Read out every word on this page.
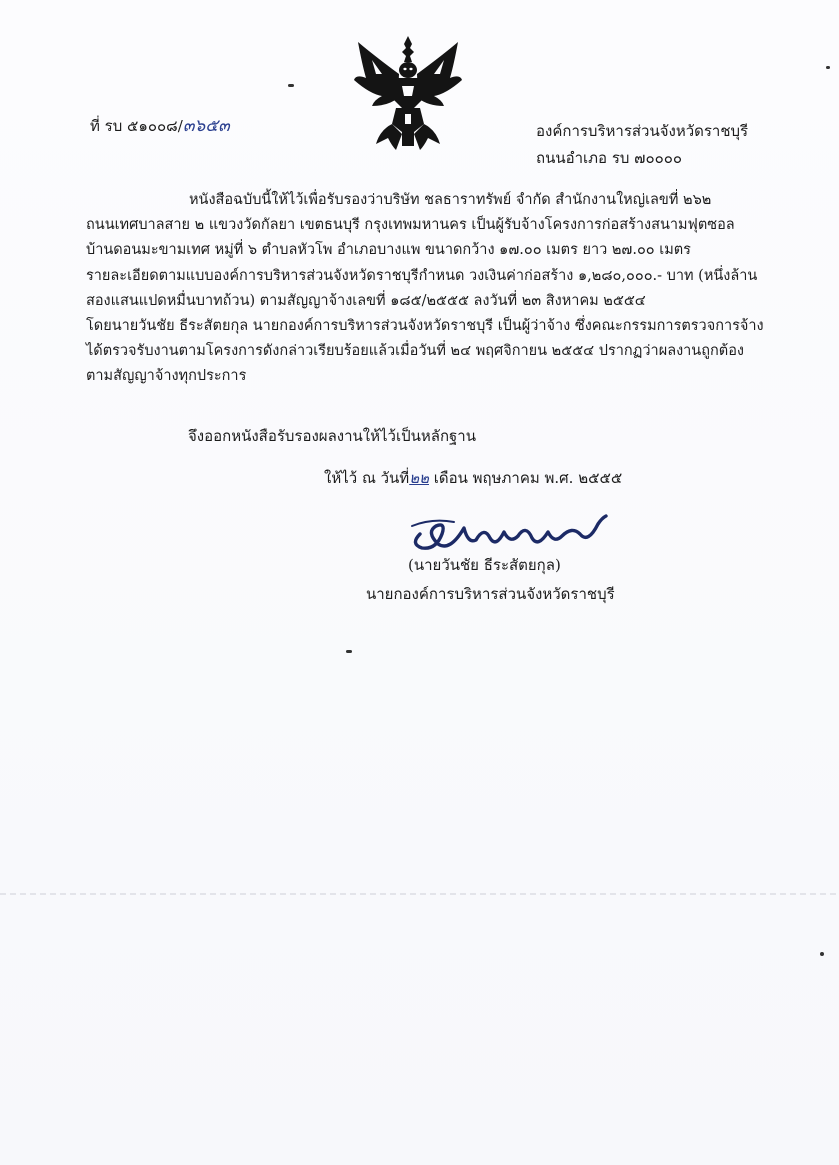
ที่ รบ ๕๑๐๐๘/๓๖๕๓	องค์การบริหารส่วนจังหวัดราชบุรี
ถนนอำเภอ รบ ๗๐๐๐๐

หนังสือฉบับนี้ให้ไว้เพื่อรับรองว่าบริษัท ชลธาราทรัพย์ จำกัด สำนักงานใหญ่เลขที่ ๒๖๒

ถนนเทศบาลสาย ๒ แขวงวัดกัลยา เขตธนบุรี กรุงเทพมหานคร เป็นผู้รับจ้างโครงการก่อสร้างสนามฟุตซอล

บ้านดอนมะขามเทศ หมู่ที่ ๖ ตำบลหัวโพ อำเภอบางแพ ขนาดกว้าง ๑๗.๐๐ เมตร ยาว ๒๗.๐๐ เมตร

รายละเอียดตามแบบองค์การบริหารส่วนจังหวัดราชบุรีกำหนด วงเงินค่าก่อสร้าง ๑,๒๘๐,๐๐๐.- บาท (หนึ่งล้าน

สองแสนแปดหมื่นบาทถ้วน) ตามสัญญาจ้างเลขที่ ๑๘๕/๒๕๕๕ ลงวันที่ ๒๓ สิงหาคม ๒๕๕๔

โดยนายวันชัย ธีระสัตยกุล นายกองค์การบริหารส่วนจังหวัดราชบุรี เป็นผู้ว่าจ้าง ซึ่งคณะกรรมการตรวจการจ้าง

ได้ตรวจรับงานตามโครงการดังกล่าวเรียบร้อยแล้วเมื่อวันที่ ๒๔ พฤศจิกายน ๒๕๕๔ ปรากฏว่าผลงานถูกต้อง

ตามสัญญาจ้างทุกประการ

จึงออกหนังสือรับรองผลงานให้ไว้เป็นหลักฐาน
ให้ไว้ ณ วันที่๒๒ เดือน พฤษภาคม พ.ศ. ๒๕๕๕
(นายวันชัย ธีระสัตยกุล)
นายกองค์การบริหารส่วนจังหวัดราชบุรี
